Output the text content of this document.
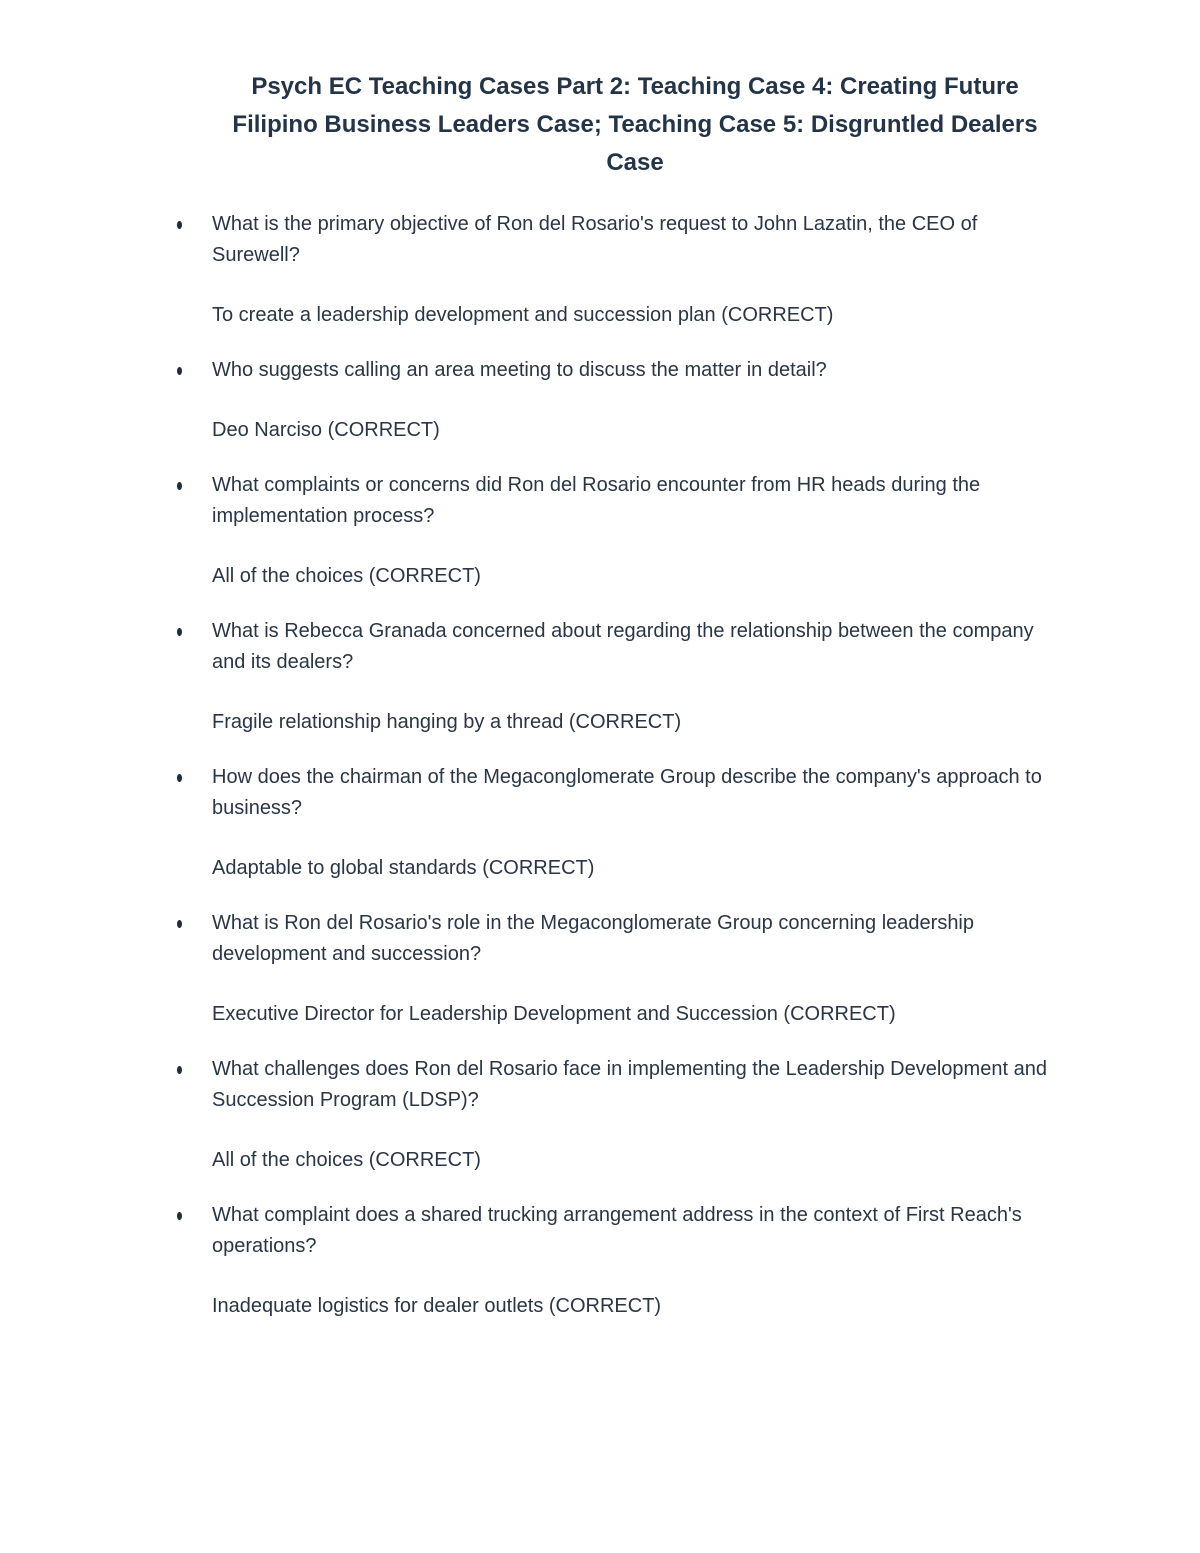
Psych EC Teaching Cases Part 2: Teaching Case 4: Creating Future Filipino Business Leaders Case; Teaching Case 5: Disgruntled Dealers Case
What is the primary objective of Ron del Rosario's request to John Lazatin, the CEO of Surewell?
To create a leadership development and succession plan (CORRECT)
Who suggests calling an area meeting to discuss the matter in detail?
Deo Narciso (CORRECT)
What complaints or concerns did Ron del Rosario encounter from HR heads during the implementation process?
All of the choices (CORRECT)
What is Rebecca Granada concerned about regarding the relationship between the company and its dealers?
Fragile relationship hanging by a thread (CORRECT)
How does the chairman of the Megaconglomerate Group describe the company's approach to business?
Adaptable to global standards (CORRECT)
What is Ron del Rosario's role in the Megaconglomerate Group concerning leadership development and succession?
Executive Director for Leadership Development and Succession (CORRECT)
What challenges does Ron del Rosario face in implementing the Leadership Development and Succession Program (LDSP)?
All of the choices (CORRECT)
What complaint does a shared trucking arrangement address in the context of First Reach's operations?
Inadequate logistics for dealer outlets (CORRECT)
